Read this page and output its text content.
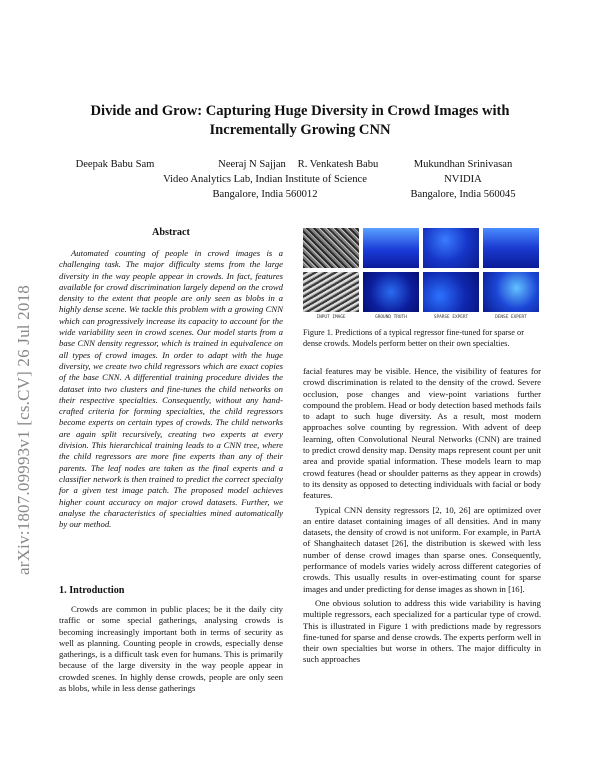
arXiv:1807.09993v1 [cs.CV] 26 Jul 2018
Divide and Grow: Capturing Huge Diversity in Crowd Images with Incrementally Growing CNN
Deepak Babu Sam	Neeraj N Sajjan
Video Analytics Lab, Indian Institute of Science
Bangalore, India 560012
R. Venkatesh Babu	Mukundhan Srinivasan
NVIDIA
Bangalore, India 560045
Abstract

Automated counting of people in crowd images is a challenging task. The major difficulty stems from the large diversity in the way people appear in crowds. In fact, features available for crowd discrimination largely depend on the crowd density to the extent that people are only seen as blobs in a highly dense scene. We tackle this problem with a growing CNN which can progressively increase its capacity to account for the wide variability seen in crowd scenes. Our model starts from a base CNN density regressor, which is trained in equivalence on all types of crowd images. In order to adapt with the huge diversity, we create two child regressors which are exact copies of the base CNN. A differential training procedure divides the dataset into two clusters and fine-tunes the child networks on their respective specialties. Consequently, without any hand-crafted criteria for forming specialties, the child regressors become experts on certain types of crowds. The child networks are again split recursively, creating two experts at every division. This hierarchical training leads to a CNN tree, where the child regressors are more fine experts than any of their parents. The leaf nodes are taken as the final experts and a classifier network is then trained to predict the correct specialty for a given test image patch. The proposed model achieves higher count accuracy on major crowd datasets. Further, we analyse the characteristics of specialties mined automatically by our method.

1. Introduction

Crowds are common in public places; be it the daily city traffic or some special gatherings, analysing crowds is becoming increasingly important both in terms of security as well as planning. Counting people in crowds, especially dense gatherings, is a difficult task even for humans. This is primarily because of the large diversity in the way people appear in crowded scenes. In highly dense crowds, people are only seen as blobs, while in less dense gatherings

INPUT IMAGE	GROUND TRUTH	SPARSE EXPERT	DENSE EXPERT
Figure 1. Predictions of a typical regressor fine-tuned for sparse or dense crowds. Models perform better on their own specialties.

facial features may be visible. Hence, the visibility of features for crowd discrimination is related to the density of the crowd. Severe occlusion, pose changes and view-point variations further compound the problem. Head or body detection based methods fails to adapt to such huge diversity. As a result, most modern approaches solve counting by regression. With advent of deep learning, often Convolutional Neural Networks (CNN) are trained to predict crowd density map. Density maps represent count per unit area and provide spatial information. These models learn to map crowd features (head or shoulder patterns as they appear in crowds) to its density as opposed to detecting individuals with facial or body features.

Typical CNN density regressors [2, 10, 26] are optimized over an entire dataset containing images of all densities. And in many datasets, the density of crowd is not uniform. For example, in PartA of Shanghaitech dataset [26], the distribution is skewed with less number of dense crowd images than sparse ones. Consequently, performance of models varies widely across different categories of crowds. This usually results in over-estimating count for sparse images and under predicting for dense images as shown in [16].

One obvious solution to address this wide variability is having multiple regressors, each specialized for a particular type of crowd. This is illustrated in Figure 1 with predictions made by regressors fine-tuned for sparse and dense crowds. The experts perform well in their own specialties but worse in others. The major difficulty in such approaches
